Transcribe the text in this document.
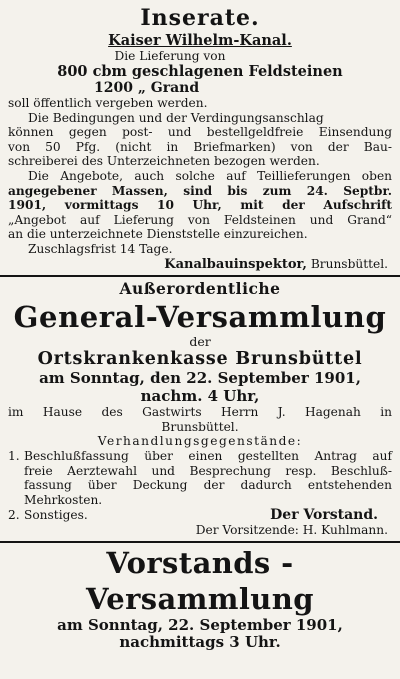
Inserate.
Kaiser Wilhelm-Kanal.
Die Lieferung von
800 cbm geschlagenen Feldsteinen
1200 „ Grand
soll öffentlich vergeben werden.
Die Bedingungen und der Verdingungsanschlag
können gegen post- und bestellgeldfreie Einsendung
von 50 Pfg. (nicht in Briefmarken) von der Bau-
schreiberei des Unterzeichneten bezogen werden.
Die Angebote, auch solche auf Teillieferungen oben
angegebener Massen, sind bis zum 24. Septbr.
1901, vormittags 10 Uhr, mit der Aufschrift
„Angebot auf Lieferung von Feldsteinen und Grand“
an die unterzeichnete Dienststelle einzureichen.
Zuschlagsfrist 14 Tage.
Kanalbauinspektor, Brunsbüttel.
Außerordentliche
General-Versammlung
der
Ortskrankenkasse Brunsbüttel
am Sonntag, den 22. September 1901,
nachm. 4 Uhr,
im Hause des Gastwirts Herrn J. Hagenah in
Brunsbüttel.
Verhandlungsgegenstände:
1. Beschlußfassung über einen gestellten Antrag auf
freie Aerztewahl und Besprechung resp. Beschluß-
fassung über Deckung der dadurch entstehenden
Mehrkosten.
2. Sonstiges.	Der Vorstand.
Der Vorsitzende: H. Kuhlmann.
Vorstands - Versammlung
am Sonntag, 22. September 1901,
nachmittags 3 Uhr.
